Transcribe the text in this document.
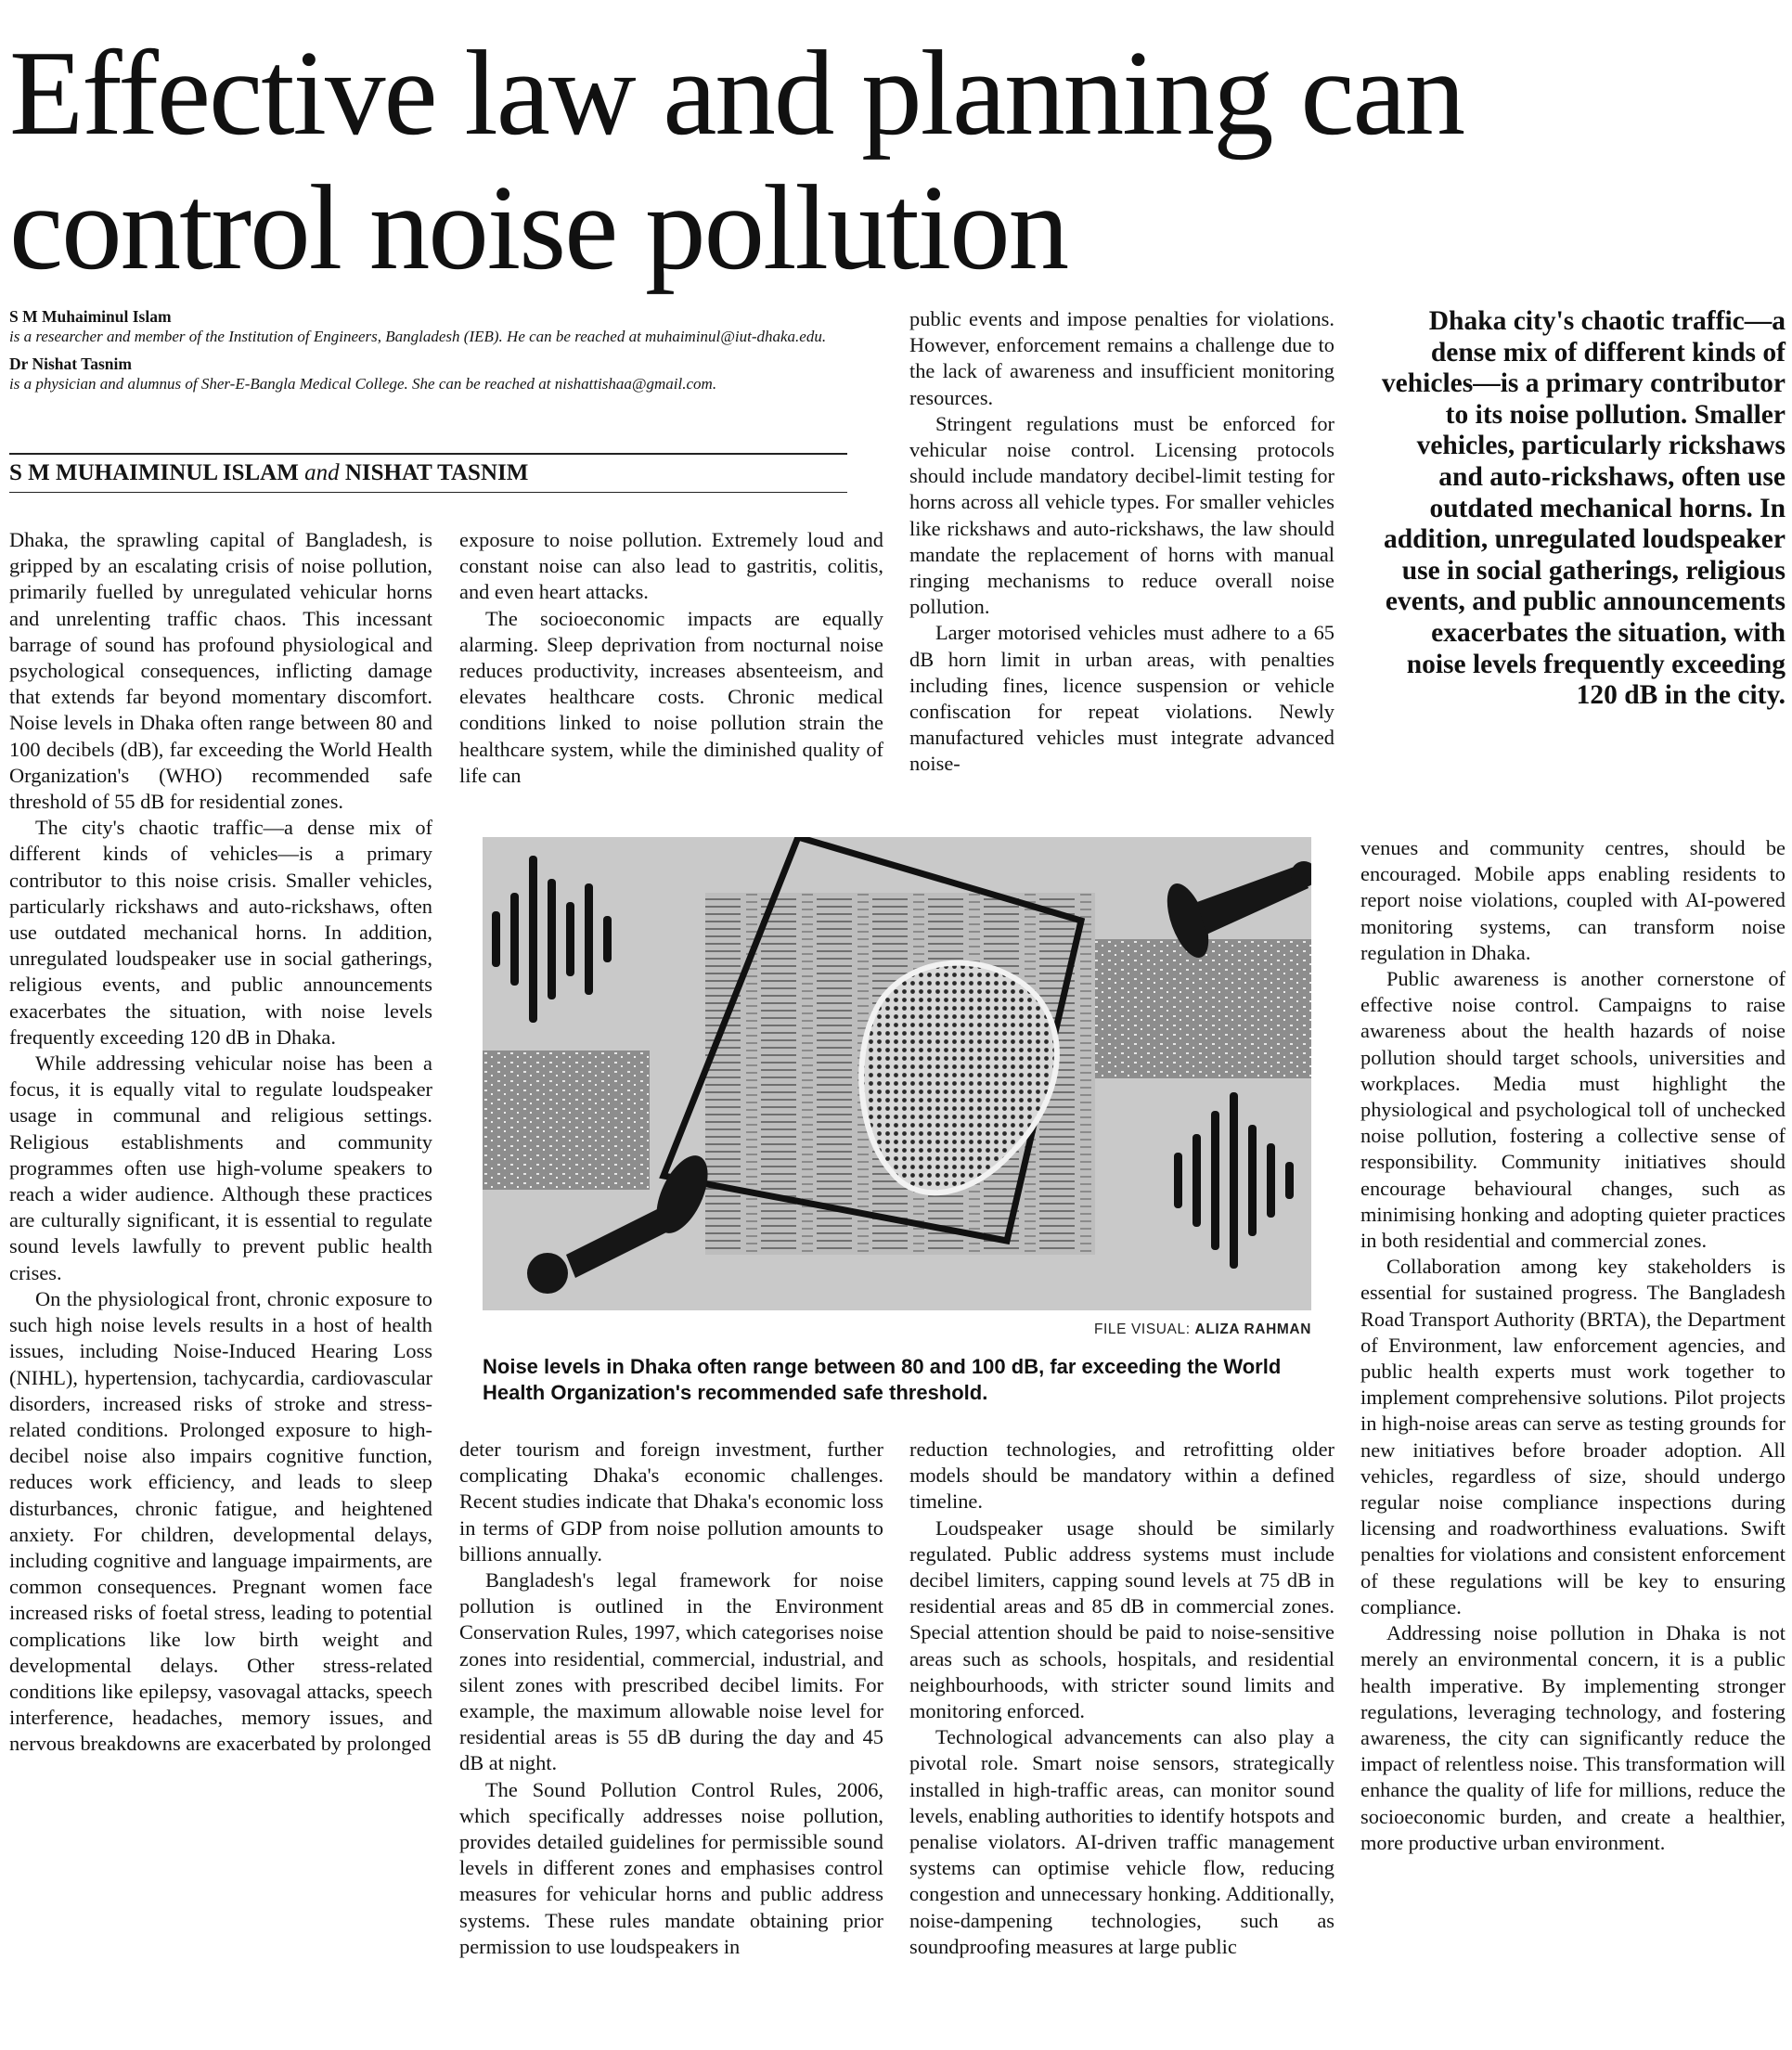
Effective law and planning can
control noise pollution
S M Muhaiminul Islam
is a researcher and member of the Institution of Engineers, Bangladesh (IEB). He can be reached at muhaiminul@iut-dhaka.edu.
Dr Nishat Tasnim
is a physician and alumnus of Sher-E-Bangla Medical College. She can be reached at nishattishaa@gmail.com.
S M MUHAIMINUL ISLAM and NISHAT TASNIM

Dhaka, the sprawling capital of Bangladesh, is gripped by an escalating crisis of noise pollution, primarily fuelled by unregulated vehicular horns and unrelenting traffic chaos. This incessant barrage of sound has profound physiological and psychological consequences, inflicting damage that extends far beyond momentary discomfort. Noise levels in Dhaka often range between 80 and 100 decibels (dB), far exceeding the World Health Organization's (WHO) recommended safe threshold of 55 dB for residential zones.

The city's chaotic traffic—a dense mix of different kinds of vehicles—is a primary contributor to this noise crisis. Smaller vehicles, particularly rickshaws and auto-rickshaws, often use outdated mechanical horns. In addition, unregulated loudspeaker use in social gatherings, religious events, and public announcements exacerbates the situation, with noise levels frequently exceeding 120 dB in Dhaka.

While addressing vehicular noise has been a focus, it is equally vital to regulate loudspeaker usage in communal and religious settings. Religious establishments and community programmes often use high-volume speakers to reach a wider audience. Although these practices are culturally significant, it is essential to regulate sound levels lawfully to prevent public health crises.

On the physiological front, chronic exposure to such high noise levels results in a host of health issues, including Noise-Induced Hearing Loss (NIHL), hypertension, tachycardia, cardiovascular disorders, increased risks of stroke and stress-related conditions. Prolonged exposure to high-decibel noise also impairs cognitive function, reduces work efficiency, and leads to sleep disturbances, chronic fatigue, and heightened anxiety. For children, developmental delays, including cognitive and language impairments, are common consequences. Pregnant women face increased risks of foetal stress, leading to potential complications like low birth weight and developmental delays. Other stress-related conditions like epilepsy, vasovagal attacks, speech interference, headaches, memory issues, and nervous breakdowns are exacerbated by prolonged

exposure to noise pollution. Extremely loud and constant noise can also lead to gastritis, colitis, and even heart attacks.

The socioeconomic impacts are equally alarming. Sleep deprivation from nocturnal noise reduces productivity, increases absenteeism, and elevates healthcare costs. Chronic medical conditions linked to noise pollution strain the healthcare system, while the diminished quality of life can

public events and impose penalties for violations. However, enforcement remains a challenge due to the lack of awareness and insufficient monitoring resources.

Stringent regulations must be enforced for vehicular noise control. Licensing protocols should include mandatory decibel-limit testing for horns across all vehicle types. For smaller vehicles like rickshaws and auto-rickshaws, the law should mandate the replacement of horns with manual ringing mechanisms to reduce overall noise pollution.

Larger motorised vehicles must adhere to a 65 dB horn limit in urban areas, with penalties including fines, licence suspension or vehicle confiscation for repeat violations. Newly manufactured vehicles must integrate advanced noise-

Dhaka city's chaotic traffic—a dense mix of different kinds of vehicles—is a primary contributor to its noise pollution. Smaller vehicles, particularly rickshaws and auto-rickshaws, often use outdated mechanical horns. In addition, unregulated loudspeaker use in social gatherings, religious events, and public announcements exacerbates the situation, with noise levels frequently exceeding 120 dB in the city.
FILE VISUAL: ALIZA RAHMAN
Noise levels in Dhaka often range between 80 and 100 dB, far exceeding the World Health Organization's recommended safe threshold.

deter tourism and foreign investment, further complicating Dhaka's economic challenges. Recent studies indicate that Dhaka's economic loss in terms of GDP from noise pollution amounts to billions annually.

Bangladesh's legal framework for noise pollution is outlined in the Environment Conservation Rules, 1997, which categorises noise zones into residential, commercial, industrial, and silent zones with prescribed decibel limits. For example, the maximum allowable noise level for residential areas is 55 dB during the day and 45 dB at night.

The Sound Pollution Control Rules, 2006, which specifically addresses noise pollution, provides detailed guidelines for permissible sound levels in different zones and emphasises control measures for vehicular horns and public address systems. These rules mandate obtaining prior permission to use loudspeakers in

reduction technologies, and retrofitting older models should be mandatory within a defined timeline.

Loudspeaker usage should be similarly regulated. Public address systems must include decibel limiters, capping sound levels at 75 dB in residential areas and 85 dB in commercial zones. Special attention should be paid to noise-sensitive areas such as schools, hospitals, and residential neighbourhoods, with stricter sound limits and monitoring enforced.

Technological advancements can also play a pivotal role. Smart noise sensors, strategically installed in high-traffic areas, can monitor sound levels, enabling authorities to identify hotspots and penalise violators. AI-driven traffic management systems can optimise vehicle flow, reducing congestion and unnecessary honking. Additionally, noise-dampening technologies, such as soundproofing measures at large public

venues and community centres, should be encouraged. Mobile apps enabling residents to report noise violations, coupled with AI-powered monitoring systems, can transform noise regulation in Dhaka.

Public awareness is another cornerstone of effective noise control. Campaigns to raise awareness about the health hazards of noise pollution should target schools, universities and workplaces. Media must highlight the physiological and psychological toll of unchecked noise pollution, fostering a collective sense of responsibility. Community initiatives should encourage behavioural changes, such as minimising honking and adopting quieter practices in both residential and commercial zones.

Collaboration among key stakeholders is essential for sustained progress. The Bangladesh Road Transport Authority (BRTA), the Department of Environment, law enforcement agencies, and public health experts must work together to implement comprehensive solutions. Pilot projects in high-noise areas can serve as testing grounds for new initiatives before broader adoption. All vehicles, regardless of size, should undergo regular noise compliance inspections during licensing and roadworthiness evaluations. Swift penalties for violations and consistent enforcement of these regulations will be key to ensuring compliance.

Addressing noise pollution in Dhaka is not merely an environmental concern, it is a public health imperative. By implementing stronger regulations, leveraging technology, and fostering awareness, the city can significantly reduce the impact of relentless noise. This transformation will enhance the quality of life for millions, reduce the socioeconomic burden, and create a healthier, more productive urban environment.
